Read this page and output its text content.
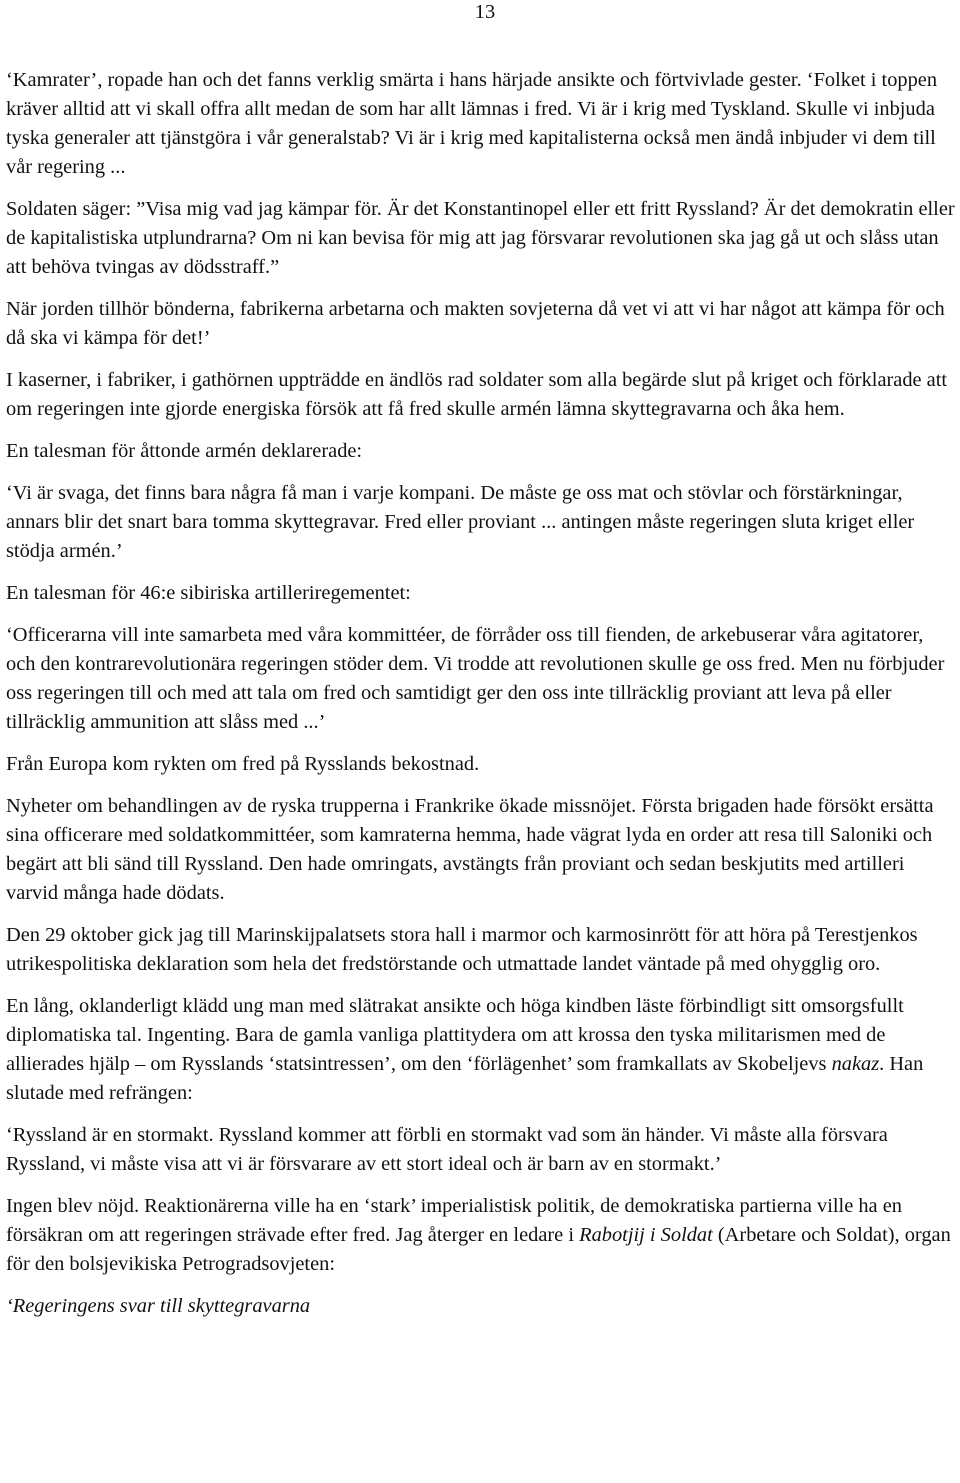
13

‘Kamrater’, ropade han och det fanns verklig smärta i hans härjade ansikte och förtvivlade gester. ‘Folket i toppen kräver alltid att vi skall offra allt medan de som har allt lämnas i fred. Vi är i krig med Tyskland. Skulle vi inbjuda tyska generaler att tjänstgöra i vår generalstab? Vi är i krig med kapitalisterna också men ändå inbjuder vi dem till vår regering ...

Soldaten säger: ”Visa mig vad jag kämpar för. Är det Konstantinopel eller ett fritt Ryssland? Är det demokratin eller de kapitalistiska utplundrarna? Om ni kan bevisa för mig att jag försvarar revolutionen ska jag gå ut och slåss utan att behöva tvingas av dödsstraff.”

När jorden tillhör bönderna, fabrikerna arbetarna och makten sovjeterna då vet vi att vi har något att kämpa för och då ska vi kämpa för det!’

I kaserner, i fabriker, i gathörnen uppträdde en ändlös rad soldater som alla begärde slut på kriget och förklarade att om regeringen inte gjorde energiska försök att få fred skulle armén lämna skyttegravarna och åka hem.

En talesman för åttonde armén deklarerade:

‘Vi är svaga, det finns bara några få man i varje kompani. De måste ge oss mat och stövlar och förstärkningar, annars blir det snart bara tomma skyttegravar. Fred eller proviant ... antingen måste regeringen sluta kriget eller stödja armén.’

En talesman för 46:e sibiriska artilleriregementet:

‘Officerarna vill inte samarbeta med våra kommittéer, de förråder oss till fienden, de arkebuserar våra agitatorer, och den kontrarevolutionära regeringen stöder dem. Vi trodde att revolutionen skulle ge oss fred. Men nu förbjuder oss regeringen till och med att tala om fred och samtidigt ger den oss inte tillräcklig proviant att leva på eller tillräcklig ammunition att slåss med ...’

Från Europa kom rykten om fred på Rysslands bekostnad.

Nyheter om behandlingen av de ryska trupperna i Frankrike ökade missnöjet. Första brigaden hade försökt ersätta sina officerare med soldatkommittéer, som kamraterna hemma, hade vägrat lyda en order att resa till Saloniki och begärt att bli sänd till Ryssland. Den hade omringats, avstängts från proviant och sedan beskjutits med artilleri varvid många hade dödats.

Den 29 oktober gick jag till Marinskijpalatsets stora hall i marmor och karmosinrött för att höra på Terestjenkos utrikespolitiska deklaration som hela det fredstörstande och utmattade landet väntade på med ohygglig oro.

En lång, oklanderligt klädd ung man med slätrakat ansikte och höga kindben läste förbindligt sitt omsorgsfullt diplomatiska tal. Ingenting. Bara de gamla vanliga plattitydera om att krossa den tyska militarismen med de allierades hjälp – om Rysslands ‘statsintressen’, om den ‘förlägenhet’ som framkallats av Skobeljevs nakaz. Han slutade med refrängen:

‘Ryssland är en stormakt. Ryssland kommer att förbli en stormakt vad som än händer. Vi måste alla försvara Ryssland, vi måste visa att vi är försvarare av ett stort ideal och är barn av en stormakt.’

Ingen blev nöjd. Reaktionärerna ville ha en ‘stark’ imperialistisk politik, de demokratiska partierna ville ha en försäkran om att regeringen strävade efter fred. Jag återger en ledare i Rabotjij i Soldat (Arbetare och Soldat), organ för den bolsjevikiska Petrogradsovjeten:

‘Regeringens svar till skyttegravarna
